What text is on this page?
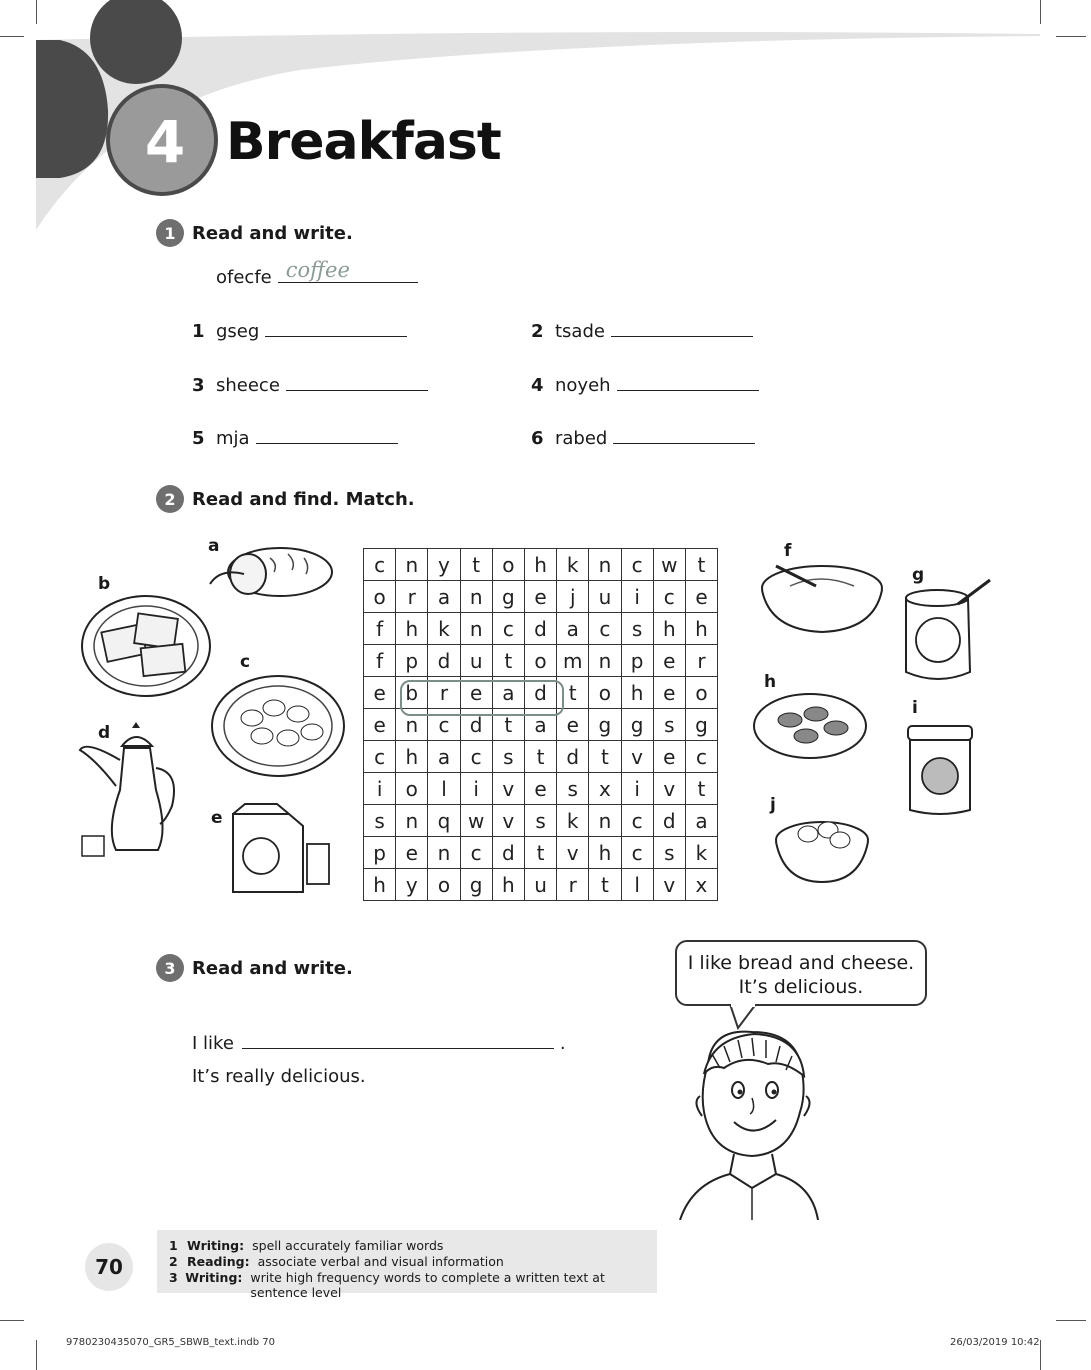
4 Breakfast
1 Read and write.
ofecfe coffee
1 gseg	2 tsade
3 sheece	4 noyeh
5 mja	6 rabed
2 Read and find. Match.
a
b
c
d
e
f
g
h
i
j
c	n	y	t	o	h	k	n	c	w	t
o	r	a	n	g	e	j	u	i	c	e
f	h	k	n	c	d	a	c	s	h	h
f	p	d	u	t	o	m	n	p	e	r
e	b	r	e	a	d	t	o	h	e	o
e	n	c	d	t	a	e	g	g	s	g
c	h	a	c	s	t	d	t	v	e	c
i	o	l	i	v	e	s	x	i	v	t
s	n	q	w	v	s	k	n	c	d	a
p	e	n	c	d	t	v	h	c	s	k
h	y	o	g	h	u	r	t	l	v	x
3 Read and write.
I like	.
It’s really delicious.
I like bread and cheese.
It’s delicious.
70
1 Writing: spell accurately familiar words
2 Reading: associate verbal and visual information
3 Writing: write high frequency words to complete a written text at sentence level
9780230435070_GR5_SBWB_text.indb 70	26/03/2019 10:42
